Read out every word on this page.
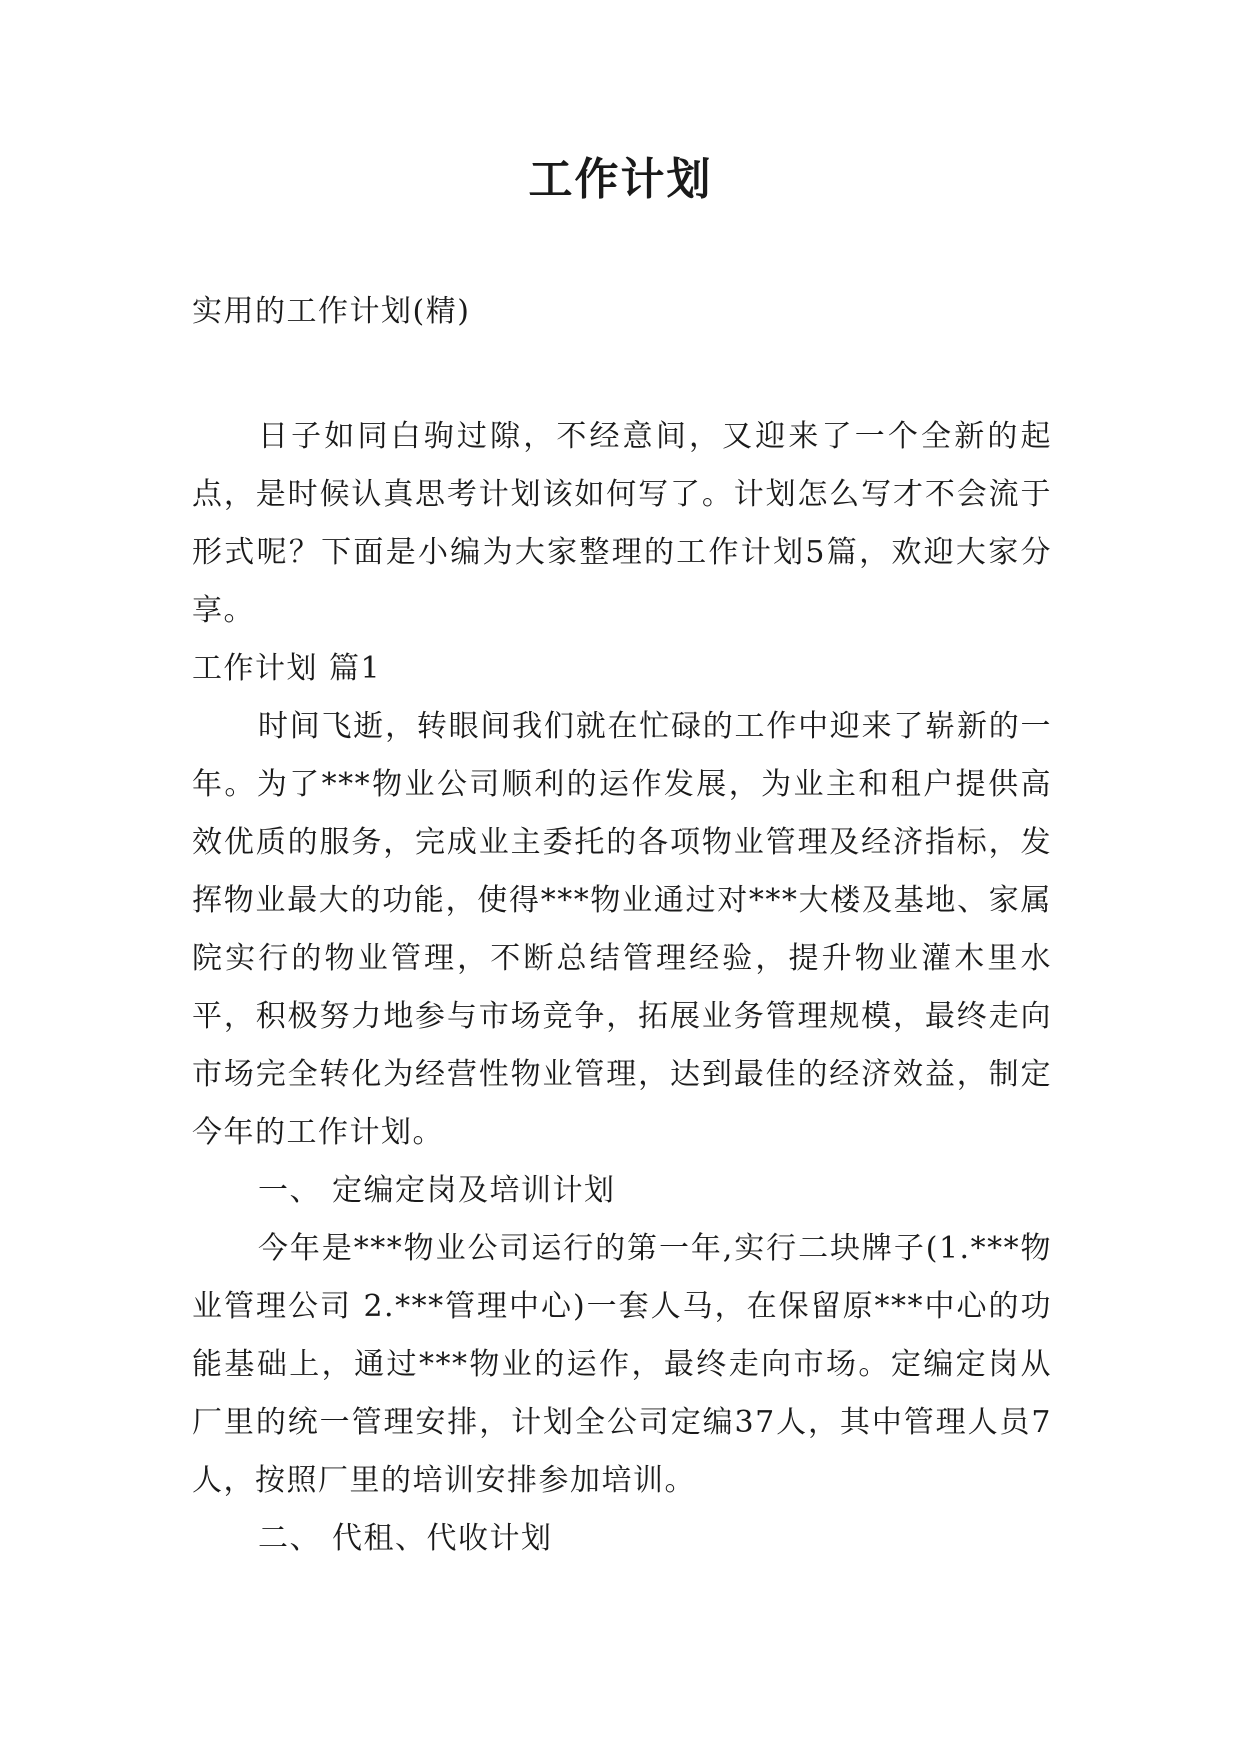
工作计划
实用的工作计划(精)

日子如同白驹过隙，不经意间，又迎来了一个全新的起点，是时候认真思考计划该如何写了。计划怎么写才不会流于形式呢？下面是小编为大家整理的工作计划5篇，欢迎大家分享。

工作计划 篇1

时间飞逝，转眼间我们就在忙碌的工作中迎来了崭新的一年。为了***物业公司顺利的运作发展，为业主和租户提供高效优质的服务，完成业主委托的各项物业管理及经济指标，发挥物业最大的功能，使得***物业通过对***大楼及基地、家属院实行的物业管理，不断总结管理经验，提升物业灌木里水平，积极努力地参与市场竞争，拓展业务管理规模，最终走向市场完全转化为经营性物业管理，达到最佳的经济效益，制定今年的工作计划。

一、 定编定岗及培训计划

今年是***物业公司运行的第一年,实行二块牌子(1.***物业管理公司 2.***管理中心)一套人马，在保留原***中心的功能基础上，通过***物业的运作，最终走向市场。定编定岗从厂里的统一管理安排，计划全公司定编37人，其中管理人员7人，按照厂里的培训安排参加培训。

二、 代租、代收计划
